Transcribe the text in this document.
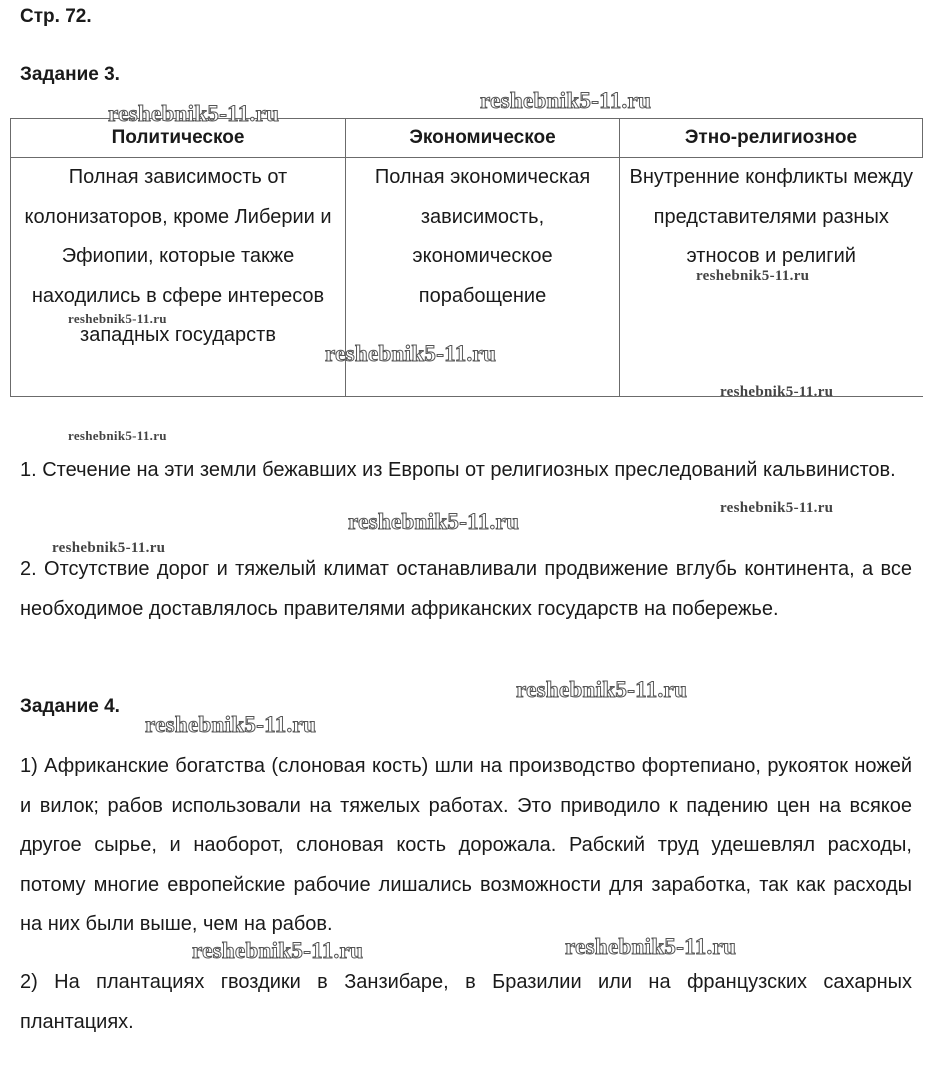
Стр. 72.
Задание 3.
Политическое	Экономическое	Этно-религиозное
Полная зависимость от колонизаторов, кроме Либерии и Эфиопии, которые также находились в сфере интересов западных государств	Полная экономическая зависимость, экономическое порабощение	Внутренние конфликты между представителями разных этносов и религий

1. Стечение на эти земли бежавших из Европы от религиозных преследований кальвинистов.

2. Отсутствие дорог и тяжелый климат останавливали продвижение вглубь континента, а все необходимое доставлялось правителями африканских государств на побережье.

Задание 4.

1) Африканские богатства (слоновая кость) шли на производство фортепиано, рукояток ножей и вилок; рабов использовали на тяжелых работах. Это приводило к падению цен на всякое другое сырье, и наоборот, слоновая кость дорожала. Рабский труд удешевлял расходы, потому многие европейские рабочие лишались возможности для заработка, так как расходы на них были выше, чем на рабов.

2) На плантациях гвоздики в Занзибаре, в Бразилии или на французских сахарных плантациях.

reshebnik5-11.ru
reshebnik5-11.ru
reshebnik5-11.ru
reshebnik5-11.ru
reshebnik5-11.ru
reshebnik5-11.ru
reshebnik5-11.ru
reshebnik5-11.ru
reshebnik5-11.ru
reshebnik5-11.ru
reshebnik5-11.ru
reshebnik5-11.ru
reshebnik5-11.ru	reshebnik5-11.ru
